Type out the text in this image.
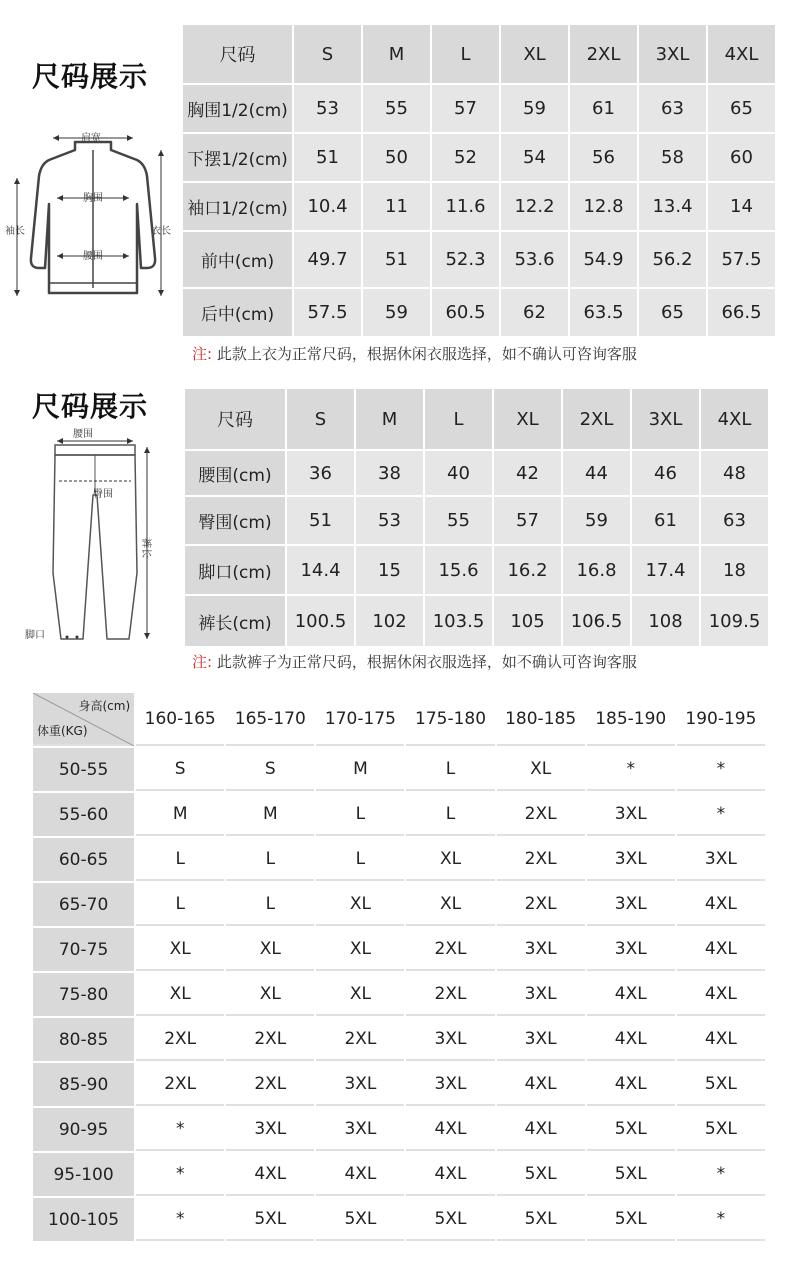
尺码展示
肩宽
袖长	衣长
胸围
腰围
尺码	S	M	L	XL	2XL	3XL	4XL
胸围1/2(cm)	53	55	57	59	61	63	65
下摆1/2(cm)	51	50	52	54	56	58	60
袖口1/2(cm)	10.4	11	11.6	12.2	12.8	13.4	14
前中(cm)	49.7	51	52.3	53.6	54.9	56.2	57.5
后中(cm)	57.5	59	60.5	62	63.5	65	66.5
注: 此款上衣为正常尺码，根据休闲衣服选择，如不确认可咨询客服
尺码展示
腰围
臀围
裤长
脚口
尺码	S	M	L	XL	2XL	3XL	4XL
腰围(cm)	36	38	40	42	44	46	48
臀围(cm)	51	53	55	57	59	61	63
脚口(cm)	14.4	15	15.6	16.2	16.8	17.4	18
裤长(cm)	100.5	102	103.5	105	106.5	108	109.5
注: 此款裤子为正常尺码，根据休闲衣服选择，如不确认可咨询客服
身高(cm)
体重(KG)	160-165	165-170	170-175	175-180	180-185	185-190	190-195
50-55	S	S	M	L	XL	*	*
55-60	M	M	L	L	2XL	3XL	*
60-65	L	L	L	XL	2XL	3XL	3XL
65-70	L	L	XL	XL	2XL	3XL	4XL
70-75	XL	XL	XL	2XL	3XL	3XL	4XL
75-80	XL	XL	XL	2XL	3XL	4XL	4XL
80-85	2XL	2XL	2XL	3XL	3XL	4XL	4XL
85-90	2XL	2XL	3XL	3XL	4XL	4XL	5XL
90-95	*	3XL	3XL	4XL	4XL	5XL	5XL
95-100	*	4XL	4XL	4XL	5XL	5XL	*
100-105	*	5XL	5XL	5XL	5XL	5XL	*
